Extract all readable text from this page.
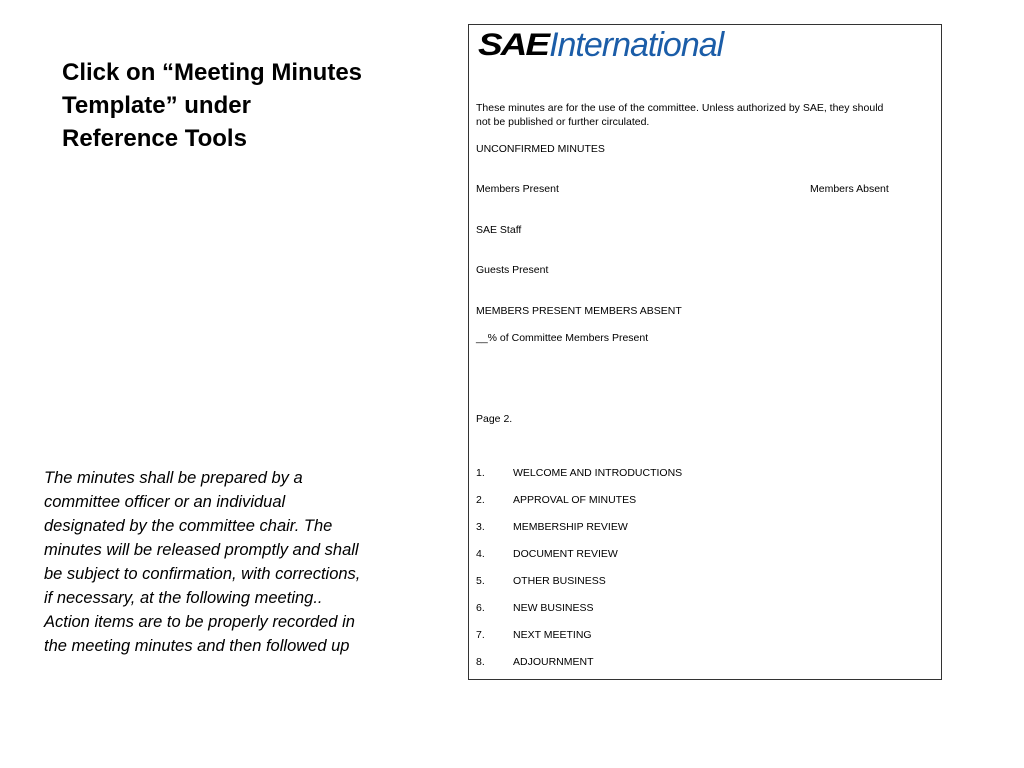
Click on “Meeting Minutes
Template” under
Reference Tools

The minutes shall be prepared by a
committee officer or an individual
designated by the committee chair. The
minutes will be released promptly and shall
be subject to confirmation, with corrections,
if necessary, at the following meeting..
Action items are to be properly recorded in
the meeting minutes and then followed up

SAEInternational
These minutes are for the use of the committee. Unless authorized by SAE, they should
not be published or further circulated.
UNCONFIRMED MINUTES
Members Present	Members Absent
SAE Staff
Guests Present
MEMBERS PRESENT MEMBERS ABSENT
__% of Committee Members Present
Page 2.
1.	WELCOME AND INTRODUCTIONS
2.	APPROVAL OF MINUTES
3.	MEMBERSHIP REVIEW
4.	DOCUMENT REVIEW
5.	OTHER BUSINESS
6.	NEW BUSINESS
7.	NEXT MEETING
8.	ADJOURNMENT
